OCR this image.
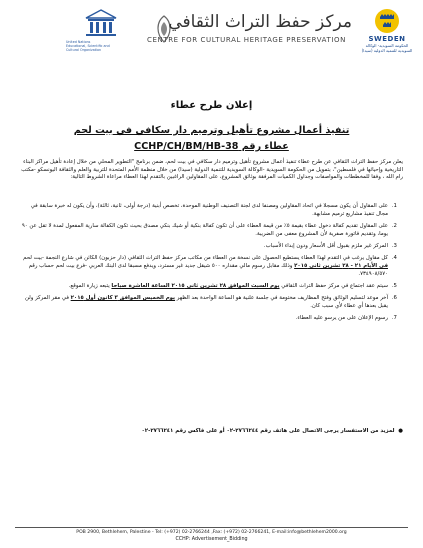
United Nations
Educational, Scientific and
Cultural Organization
مركز حفظ التراث الثقافي
CENTRE FOR CULTURAL HERITAGE PRESERVATION	SWEDEN
الحكومة السويدية- الوكالة
السويدية للتنمية الدولية (سيدا)
إعلان طرح عطاء
تنفيذ أعمال مشروع تأهيل وترميم دار سكافي في بيت لحم
عطاء رقم CCHP/CH/BM/HB-38
يعلن مركز حفظ التراث الثقافي عن طرح عطاء تنفيذ أعمال مشروع تأهيل وترميم دار سكافي في بيت لحم، ضمن برنامج "التطوير المحلي من خلال إعادة تأهيل مراكز البناء التاريخية وإحيائها في فلسطين"، بتمويل من الحكومة السويدية -الوكالة السويدية للتنمية الدولية (سيدا) من خلال منظمة الأمم المتحدة للتربية والعلم والثقافة اليونسكو -مكتب رام الله ، وفقا للمخططات والمواصفات وجداول الكميات المرفقة بوثائق المشروع، على المقاولين الراغبين بالتقدم لهذا العطاء مراعاة الشروط التالية:
1. على المقاول أن يكون مسجلا في اتحاد المقاولين ومصنفا لدى لجنة التصنيف الوطنية الموحدة، تخصص أبنية (درجة أولى، ثانية، ثالثة)، وأن يكون له خبرة سابقة في مجال تنفيذ مشاريع ترميم مشابهة.
2. على المقاول تقديم كفالة دخول عطاء بقيمة ٥٪ من قيمة العطاء على أن تكون كفالة بنكية أو شيك بنكي مصدق بحيث تكون الكفالة سارية المفعول لمدة لا تقل عن ٩٠ يوما، وتقديم فاتورة صفرية لأن المشروع معفى من الضريبة.
3. المركز غير ملزم بقبول أقل الأسعار ودون إبداء الأسباب.
4. كل مقاول يرغب في التقدم لهذا العطاء يستطيع الحصول على نسخة من العطاء من مكاتب مركز حفظ التراث الثقافي (دار حزبون) الكائن في شارع النجمة -بيت لحم في الأيام ٢١ - ٢٨ تشرين ثاني ٢٠١٥ وذلك مقابل رسوم مالي مقداره ٥٠٠ شيقل جديد غير مسترد، ويدفع مسبقا لدى البنك العربي -فرع بيت لحم حساب رقم ٧٣٤٩٠٨/٥٧٠.
5. سيتم عقد اجتماع في مركز حفظ التراث الثقافي يوم السبت الموافق ٢٨ تشرين ثاني ٢٠١٥ الساعة العاشرة صباحا يتبعه زيارة الموقع.
6. آخر موعد لتسليم الوثائق وفتح المظاريف مختومة في جلسة علنية هو الساعة الواحدة بعد الظهر يوم الخميس الموافق ٣ كانون أول ٢٠١٥ في مقر المركز ولن يقبل بعدها أي عطاء لأي سبب كان.
7. رسوم الإعلان على من يرسو عليه العطاء.
●  لمزيد من الاستفسار يرجى الاتصال على هاتف رقم ٢٧٦٦٢٤٤-٠٢ أو على فاكس رقم ٢٧٦٦٢٤١-٠٢
POB 2900, Bethlehem, Palestine - Tel: (+972) 02-2766244 ,Fax: (+972) 02-2766241, E-mail:info@bethlehem2000.org
CCHP: Advertisement_Bidding
